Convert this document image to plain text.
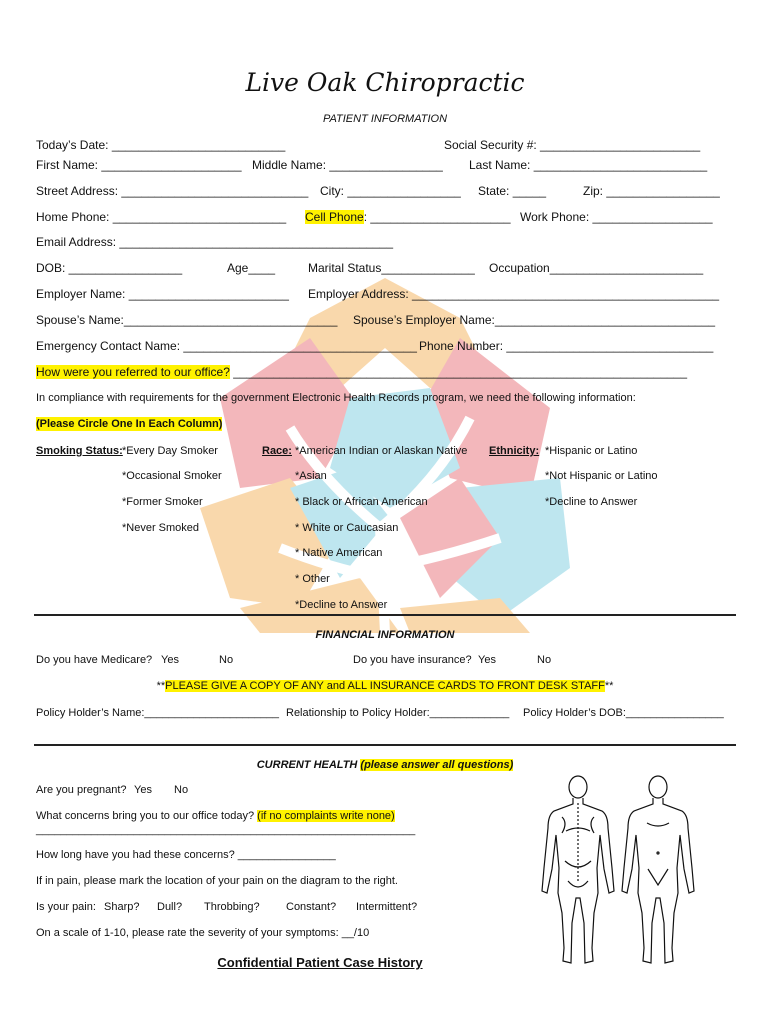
Live Oak Chiropractic
PATIENT INFORMATION
Today’s Date: __________________________	Social Security #: ________________________
First Name: _____________________ Middle Name: _________________ Last Name: __________________________
Street Address: ____________________________ City: _________________ State: _____	Zip: _________________
Home Phone: __________________________ Cell Phone: _____________________ Work Phone: __________________
Email Address: _________________________________________
DOB: _________________	Age____	Marital Status______________ Occupation_______________________
Employer Name: ________________________ Employer Address: ______________________________________________
Spouse’s Name:________________________________ Spouse’s Employer Name:_________________________________
Emergency Contact Name: ___________________________________ Phone Number: _______________________________
How were you referred to our office? ____________________________________________________________________
In compliance with requirements for the government Electronic Health Records program, we need the following information:
(Please Circle One In Each Column)
Smoking Status: *Every Day Smoker
*Occasional Smoker
*Former Smoker
*Never Smoked
Race: *American Indian or Alaskan Native
*Asian
* Black or African American
* White or Caucasian
* Native American
* Other
*Decline to Answer
Ethnicity: *Hispanic or Latino
*Not Hispanic or Latino
*Decline to Answer
FINANCIAL INFORMATION
Do you have Medicare? Yes	No	Do you have insurance? Yes	No
**PLEASE GIVE A COPY OF ANY and ALL INSURANCE CARDS TO FRONT DESK STAFF**
Policy Holder’s Name:______________________ Relationship to Policy Holder:_____________ Policy Holder’s DOB:________________
CURRENT HEALTH (please answer all questions)
Are you pregnant? Yes No
What concerns bring you to our office today? (if no complaints write none)
______________________________________________________________
How long have you had these concerns? ________________
If in pain, please mark the location of your pain on the diagram to the right.
Is your pain: Sharp? Dull? Throbbing? Constant? Intermittent?
On a scale of 1-10, please rate the severity of your symptoms: __/10
Confidential Patient Case History
